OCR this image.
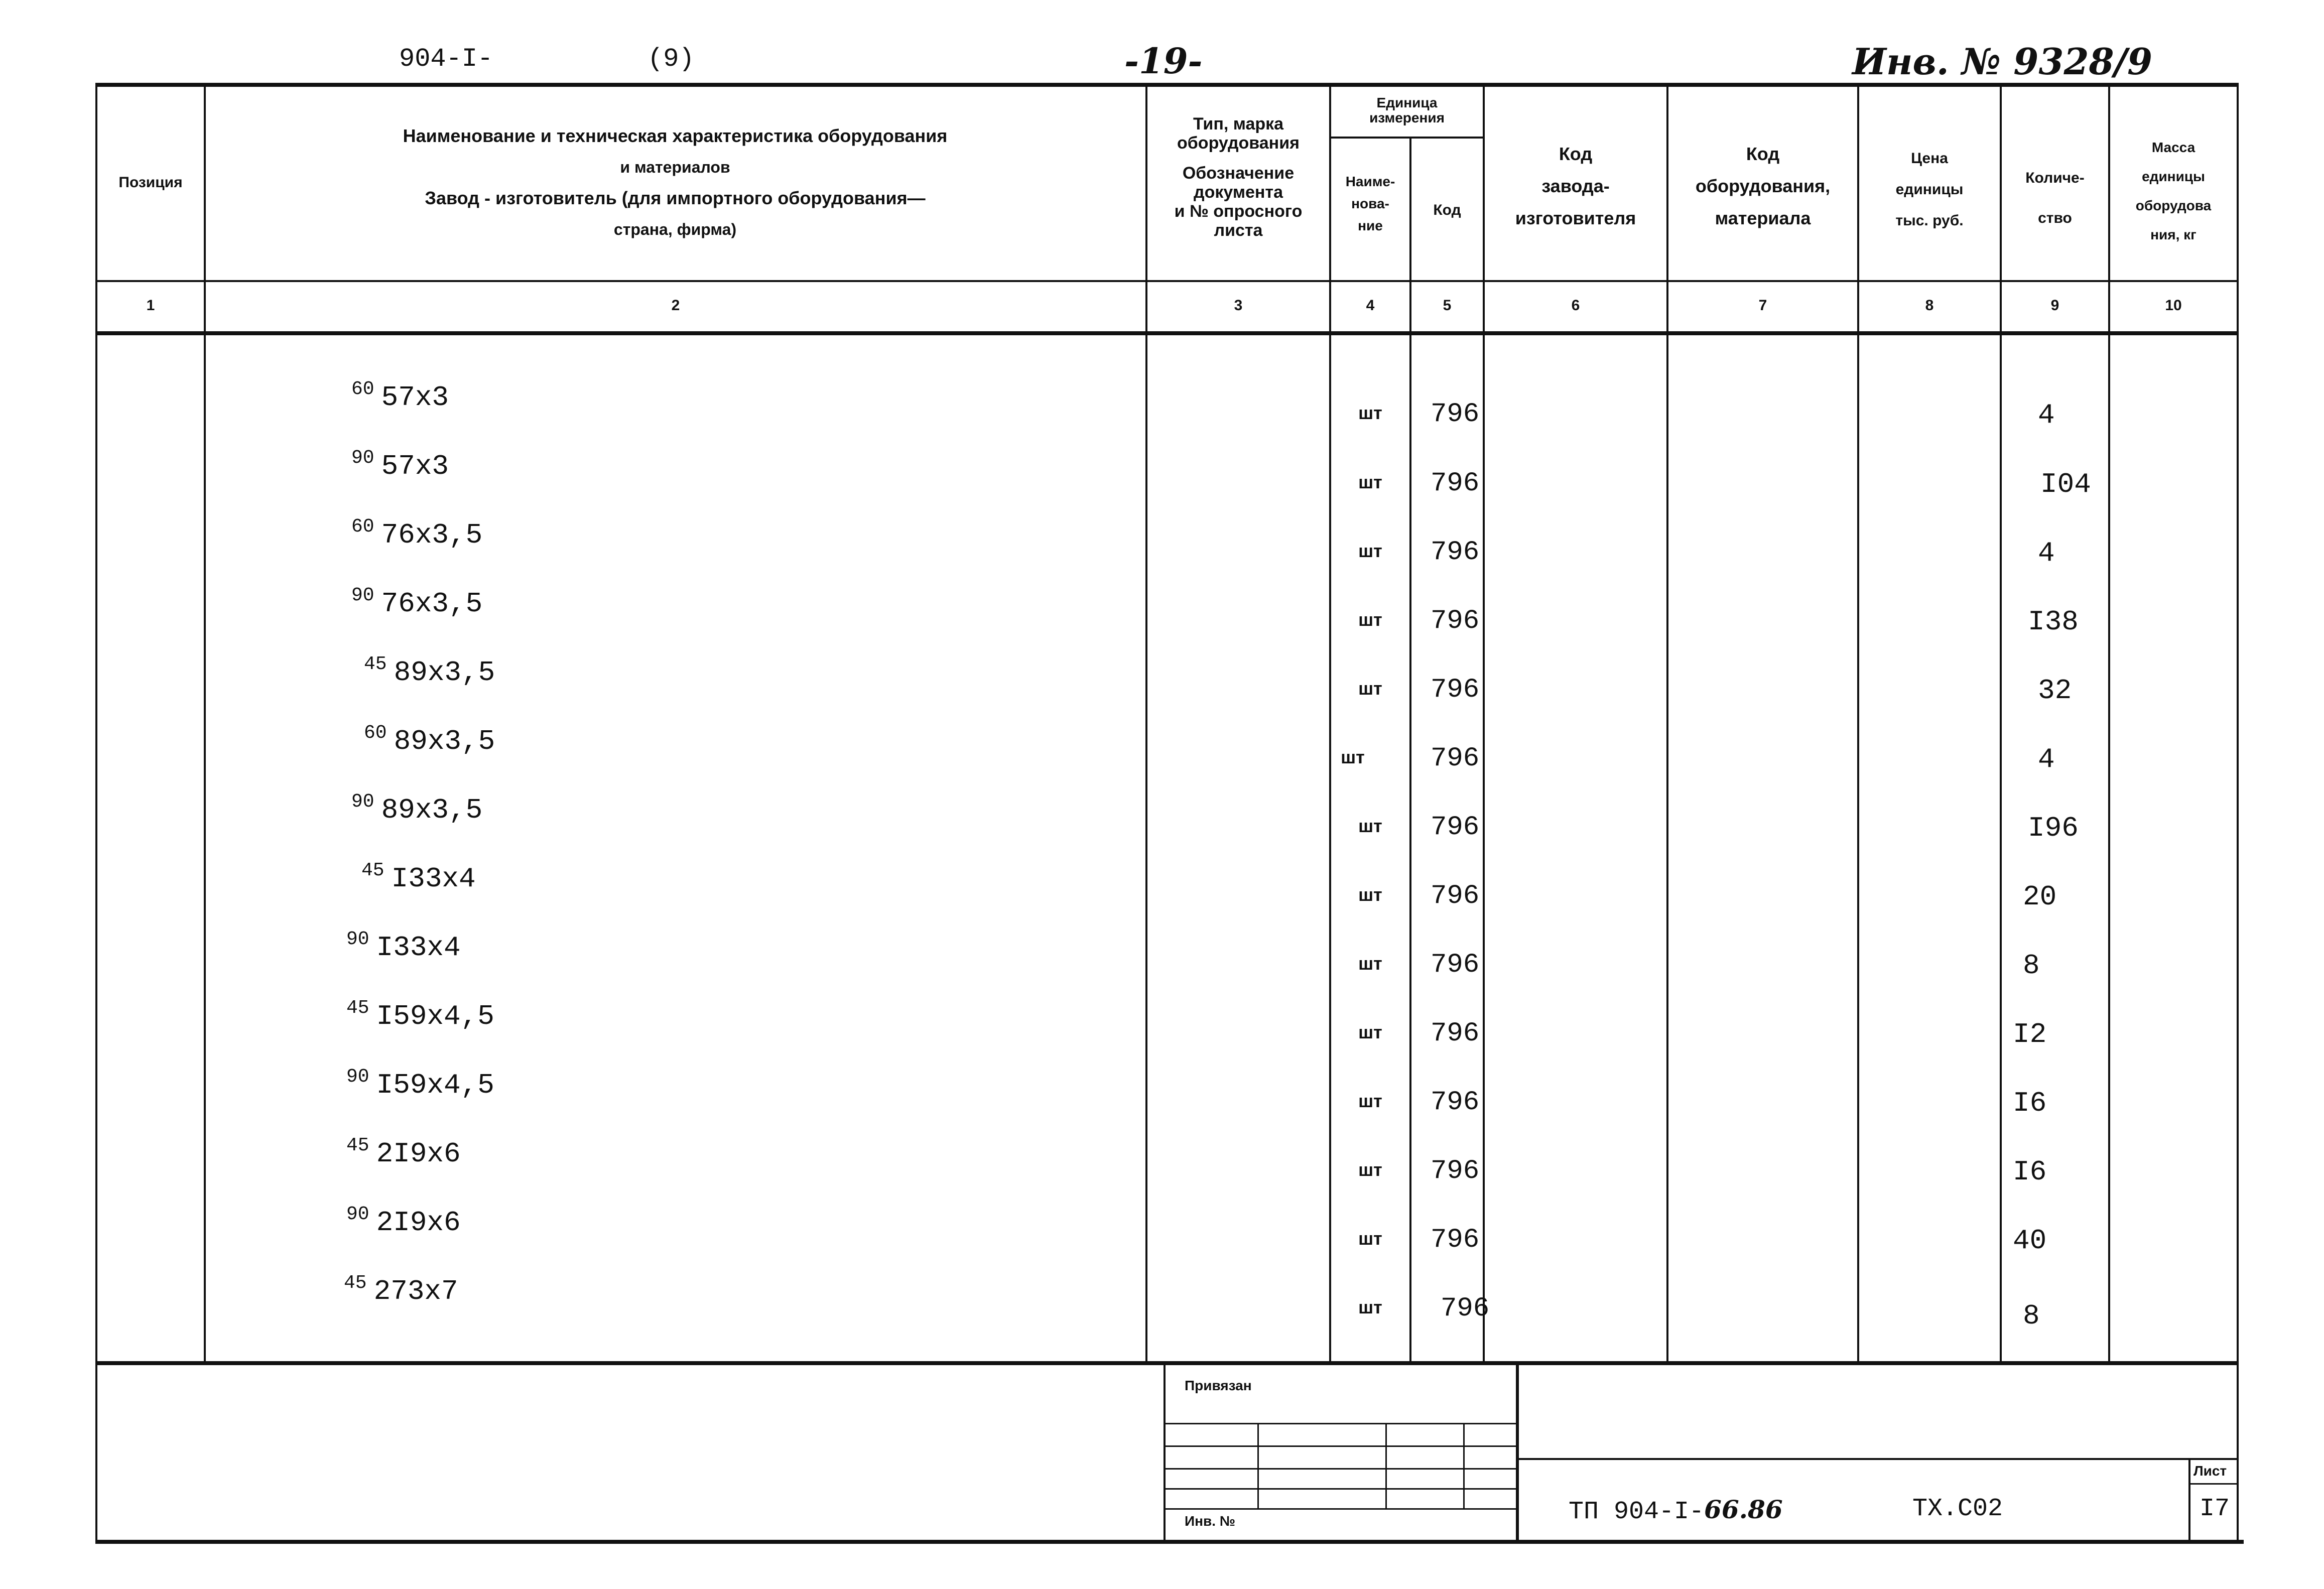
904-I-	(9)	-19-	Инв. № 9328/9
Позиция
Наименование и техническая характеристика оборудования
и материалов
Завод - изготовитель (для импортного оборудования—
страна, фирма)
Тип, марка
оборудования
Обозначение
документа
и № опросного
листа
Единица
измерения
Наиме-
нова-
ние
Код
Код
завода-
изготовителя
Код
оборудования,
материала
Цена
единицы
тыс. руб.
Количе-
ство
Масса
единицы
оборудова
ния, кг
1	2	3	4	5	6	7	8	9	10
$^{60}$ 57х3	шт	796	4
$^{90}$ 57х3	шт	796	I04
$^{60}$ 76х3,5	шт	796	4
$^{90}$ 76х3,5	шт	796	I38
$^{45}$ 89х3,5	шт	796	32
$^{60}$ 89х3,5	шт	796	4
$^{90}$ 89х3,5	шт	796	I96
$^{45}$ I33х4	шт	796	20
$^{90}$ I33х4	шт	796	8
$^{45}$ I59х4,5	шт	796	I2
$^{90}$ I59х4,5	шт	796	I6
$^{45}$ 2I9х6	шт	796	I6
$^{90}$ 2I9х6	шт	796	40
$^{45}$ 273х7	шт	796	8
Привязан
Инв. №	ТП 904-I-66.86	ТХ.С02
Лист
I7
